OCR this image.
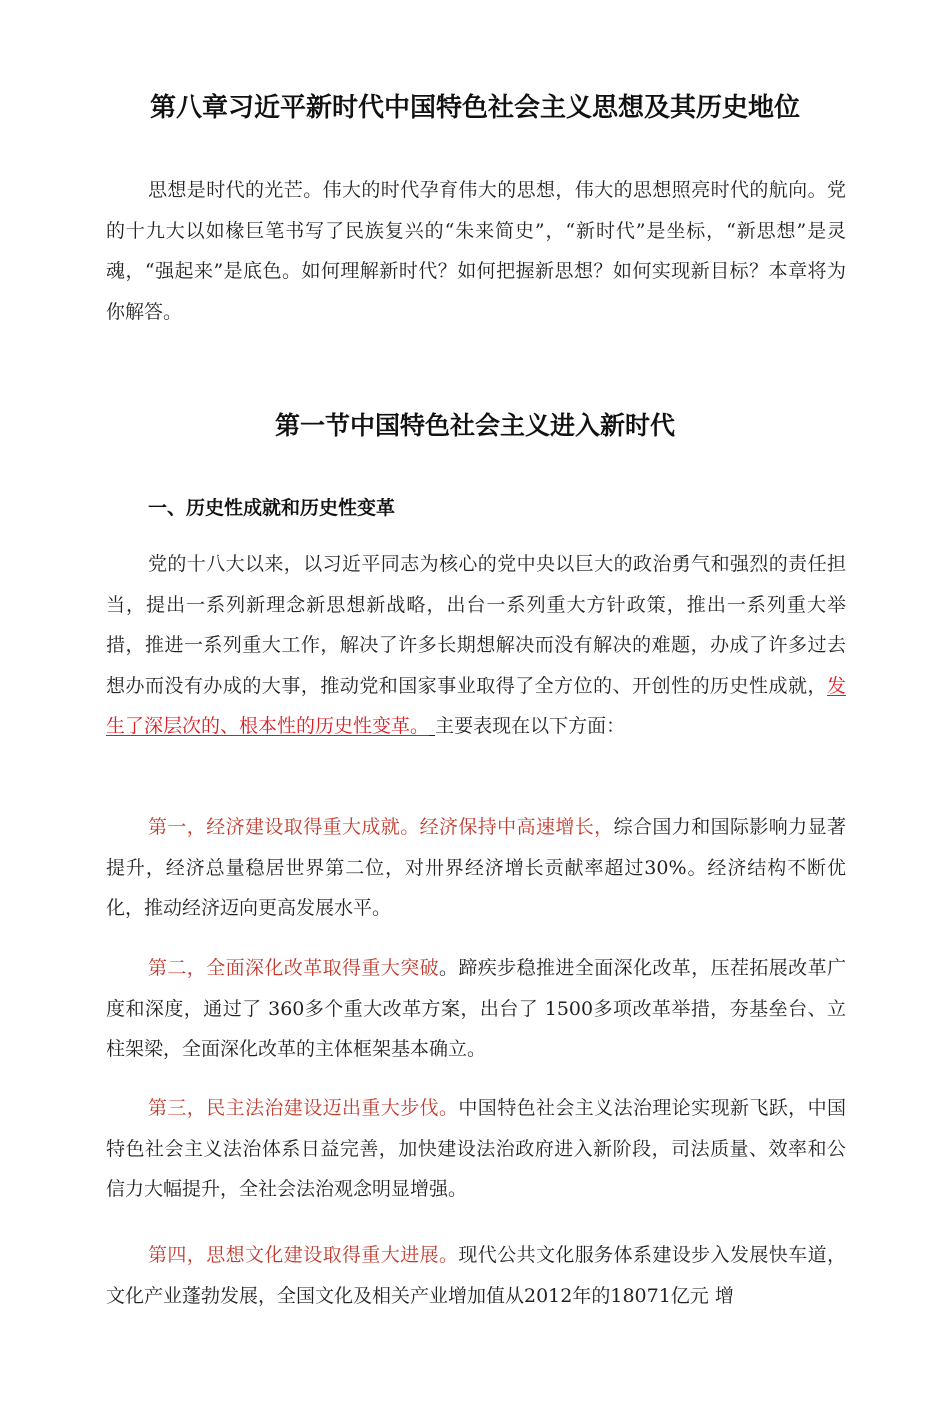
第八章习近平新时代中国特色社会主义思想及其历史地位

思想是时代的光芒。伟大的时代孕育伟大的思想，伟大的思想照亮时代的航向。党的十九大以如椽巨笔书写了民族复兴的“朱来简史”，“新时代”是坐标，“新思想”是灵魂，“强起来”是底色。如何理解新时代？如何把握新思想？如何实现新目标？本章将为你解答。

第一节中国特色社会主义进入新时代
一、历史性成就和历史性变革

党的十八大以来，以习近平同志为核心的党中央以巨大的政治勇气和强烈的责任担当，提出一系列新理念新思想新战略，出台一系列重大方针政策，推出一系列重大举措，推进一系列重大工作，解决了许多长期想解决而没有解决的难题，办成了许多过去想办而没有办成的大事，推动党和国家事业取得了全方位的、开创性的历史性成就，发生了深层次的、根本性的历史性变革。 主要表现在以下方面：

第一，经济建设取得重大成就。经济保持中高速增长，综合国力和国际影响力显著提升，经济总量稳居世界第二位，对卅界经济增长贡献率超过30%。经济结构不断优化，推动经济迈向更高发展水平。

第二，全面深化改革取得重大突破。蹄疾步稳推进全面深化改革，压茬拓展改革广度和深度，通过了 360多个重大改革方案，出台了 1500多项改革举措，夯基垒台、立柱架梁，全面深化改革的主体框架基本确立。

第三，民主法治建设迈出重大步伐。中国特色社会主义法治理论实现新飞跃，中国特色社会主义法治体系日益完善，加快建设法治政府进入新阶段，司法质量、效率和公信力大幅提升，全社会法治观念明显增强。

第四，思想文化建设取得重大进展。现代公共文化服务体系建设步入发展快车道，文化产业蓬勃发展，全国文化及相关产业增加值从2012年的18071亿元 增
